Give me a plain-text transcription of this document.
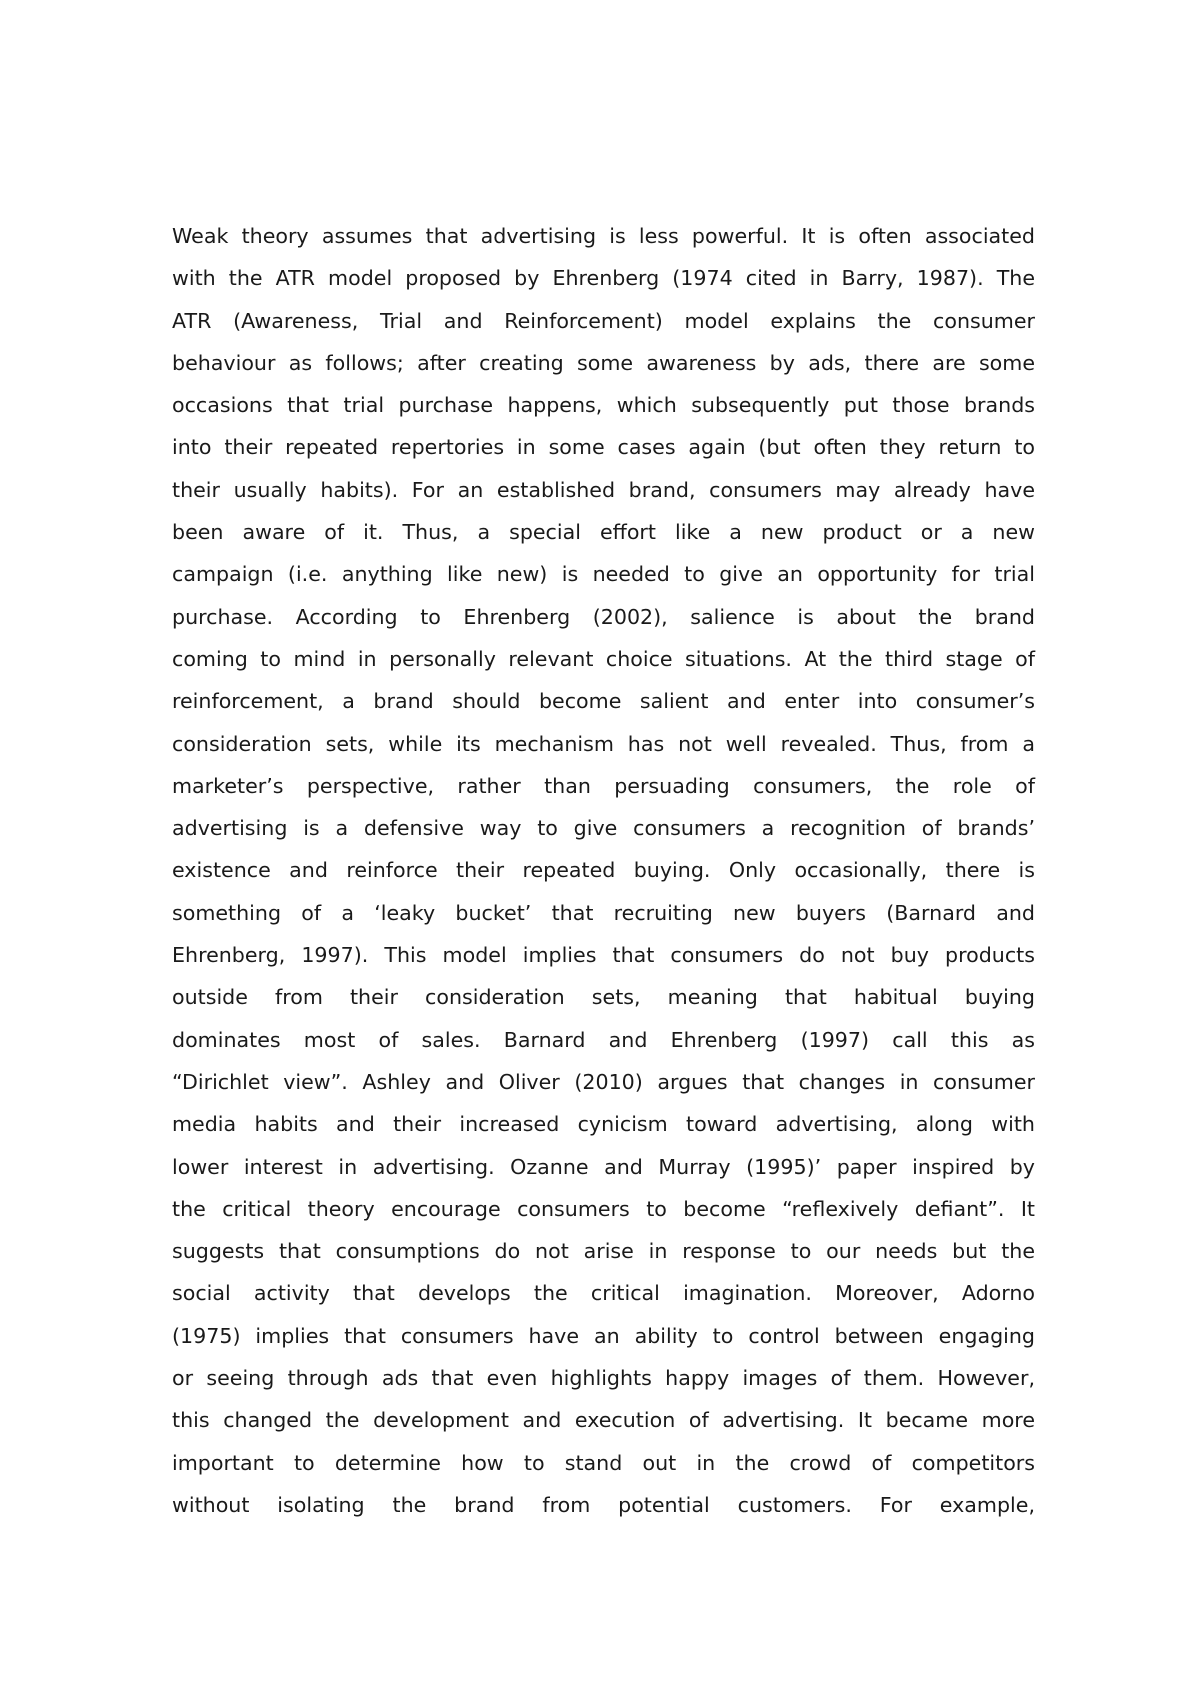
Weak theory assumes that advertising is less powerful. It is often associated
with the ATR model proposed by Ehrenberg (1974 cited in Barry, 1987). The
ATR (Awareness, Trial and Reinforcement) model explains the consumer
behaviour as follows; after creating some awareness by ads, there are some
occasions that trial purchase happens, which subsequently put those brands
into their repeated repertories in some cases again (but often they return to
their usually habits). For an established brand, consumers may already have
been aware of it. Thus, a special effort like a new product or a new
campaign (i.e. anything like new) is needed to give an opportunity for trial
purchase. According to Ehrenberg (2002), salience is about the brand
coming to mind in personally relevant choice situations. At the third stage of
reinforcement, a brand should become salient and enter into consumer’s
consideration sets, while its mechanism has not well revealed. Thus, from a
marketer’s perspective, rather than persuading consumers, the role of
advertising is a defensive way to give consumers a recognition of brands’
existence and reinforce their repeated buying. Only occasionally, there is
something of a ‘leaky bucket’ that recruiting new buyers (Barnard and
Ehrenberg, 1997). This model implies that consumers do not buy products
outside from their consideration sets, meaning that habitual buying
dominates most of sales. Barnard and Ehrenberg (1997) call this as
“Dirichlet view”. Ashley and Oliver (2010) argues that changes in consumer
media habits and their increased cynicism toward advertising, along with
lower interest in advertising. Ozanne and Murray (1995)’ paper inspired by
the critical theory encourage consumers to become “reflexively defiant”. It
suggests that consumptions do not arise in response to our needs but the
social activity that develops the critical imagination. Moreover, Adorno
(1975) implies that consumers have an ability to control between engaging
or seeing through ads that even highlights happy images of them. However,
this changed the development and execution of advertising. It became more
important to determine how to stand out in the crowd of competitors
without isolating the brand from potential customers. For example,
